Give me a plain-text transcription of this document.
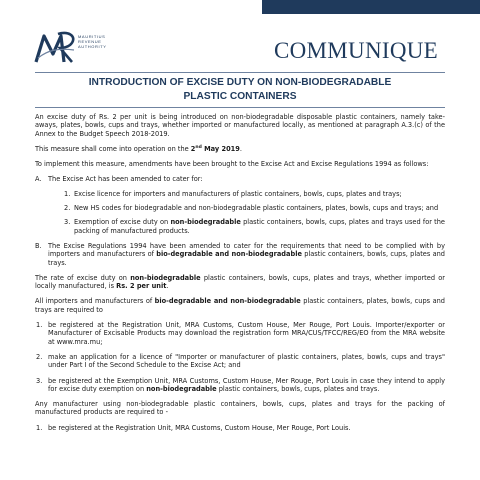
MAURITIUS
REVENUE
AUTHORITY	COMMUNIQUE
INTRODUCTION OF EXCISE DUTY ON NON-BIODEGRADABLE
PLASTIC CONTAINERS

An excise duty of Rs. 2 per unit is being introduced on non-biodegradable disposable plastic containers, namely take-aways, plates, bowls, cups and trays, whether imported or manufactured locally, as mentioned at paragraph A.3.(c) of the Annex to the Budget Speech 2018-2019.

This measure shall come into operation on the 2nd May 2019.

To implement this measure, amendments have been brought to the Excise Act and Excise Regulations 1994 as follows:

A. The Excise Act has been amended to cater for:
1. Excise licence for importers and manufacturers of plastic containers, bowls, cups, plates and trays;
2. New HS codes for biodegradable and non-biodegradable plastic containers, plates, bowls, cups and trays; and
3. Exemption of excise duty on non-biodegradable plastic containers, bowls, cups, plates and trays used for the packing of manufactured products.
B. The Excise Regulations 1994 have been amended to cater for the requirements that need to be complied with by importers and manufacturers of bio-degradable and non-biodegradable plastic containers, bowls, cups, plates and trays.

The rate of excise duty on non-biodegradable plastic containers, bowls, cups, plates and trays, whether imported or locally manufactured, is Rs. 2 per unit.

All importers and manufacturers of bio-degradable and non-biodegradable plastic containers, plates, bowls, cups and trays are required to

1. be registered at the Registration Unit, MRA Customs, Custom House, Mer Rouge, Port Louis. Importer/exporter or Manufacturer of Excisable Products may download the registration form MRA/CUS/TFCC/REG/EO from the MRA website at www.mra.mu;
2. make an application for a licence of "Importer or manufacturer of plastic containers, plates, bowls, cups and trays" under Part I of the Second Schedule to the Excise Act; and
3. be registered at the Exemption Unit, MRA Customs, Custom House, Mer Rouge, Port Louis in case they intend to apply for excise duty exemption on non-biodegradable plastic containers, bowls, cups, plates and trays.

Any manufacturer using non-biodegradable plastic containers, bowls, cups, plates and trays for the packing of manufactured products are required to -

1. be registered at the Registration Unit, MRA Customs, Custom House, Mer Rouge, Port Louis.
